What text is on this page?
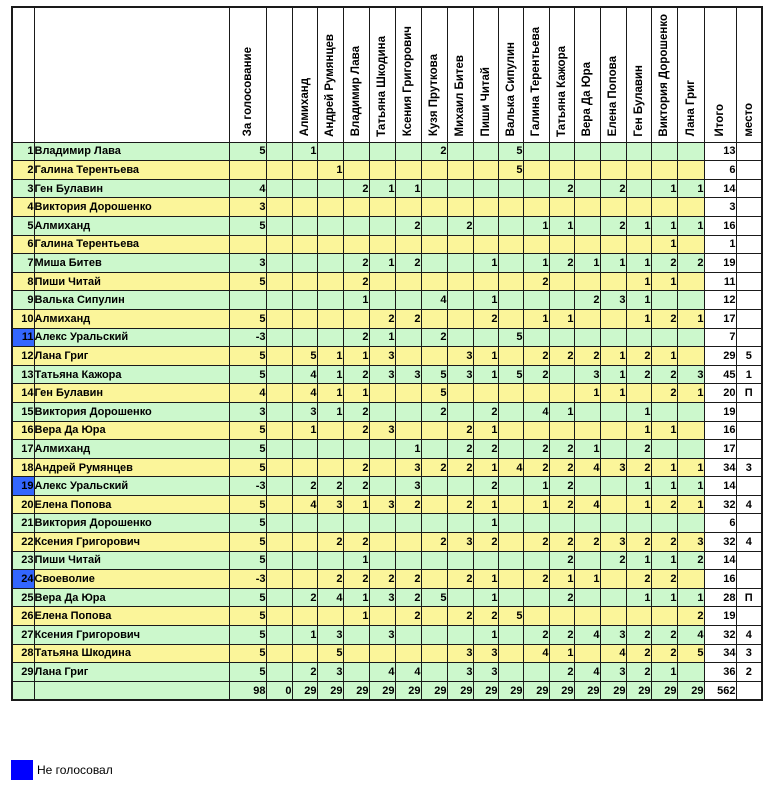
		За голосование		Алмиханд	Андрей Румянцев	Владимир Лава	Татьяна Шкодина	Ксения Григорович	Кузя Пруткова	Михаил Битев	Пиши Читай	Валька Сипулин	Галина Терентьева	Татьяна Кажора	Вера Да Юра	Елена Попова	Ген Булавин	Виктория Дорошенко	Лана Григ	Итого	место
1	Владимир Лава	5		1					2			5								13	
2	Галина Терентьева				1							5								6	
3	Ген Булавин	4				2	1	1						2		2		1	1	14	
4	Виктория Дорошенко	3																		3	
5	Алмиханд	5						2		2			1	1		2	1	1	1	16	
6	Галина Терентьева																	1		1	
7	Миша Битев	3				2	1	2			1		1	2	1	1	1	2	2	19	
8	Пиши Читай	5				2							2				1	1		11	
9	Валька Сипулин					1			4		1				2	3	1			12	
10	Алмиханд	5					2	2			2		1	1			1	2	1	17	
11	Алекс Уральский	-3				2	1		2			5								7	
12	Лана Григ	5		5	1	1	3			3	1		2	2	2	1	2	1		29	5
13	Татьяна Кажора	5		4	1	2	3	3	5	3	1	5	2		3	1	2	2	3	45	1
14	Ген Булавин	4		4	1	1			5						1	1		2	1	20	П
15	Виктория Дорошенко	3		3	1	2			2		2		4	1			1			19	
16	Вера Да Юра	5		1		2	3			2	1						1	1		16	
17	Алмиханд	5						1		2	2		2	2	1		2			17	
18	Андрей Румянцев	5				2		3	2	2	1	4	2	2	4	3	2	1	1	34	3
19	Алекс Уральский	-3		2	2	2		3			2		1	2			1	1	1	14	
20	Елена Попова	5		4	3	1	3	2		2	1		1	2	4		1	2	1	32	4
21	Виктория Дорошенко	5									1									6	
22	Ксения Григорович	5			2	2			2	3	2		2	2	2	3	2	2	3	32	4
23	Пиши Читай	5				1								2		2	1	1	2	14	
24	Своеволие	-3			2	2	2	2		2	1		2	1	1		2	2		16	
25	Вера Да Юра	5		2	4	1	3	2	5		1			2			1	1	1	28	П
26	Елена Попова	5				1		2		2	2	5							2	19	
27	Ксения Григорович	5		1	3		3				1		2	2	4	3	2	2	4	32	4
28	Татьяна Шкодина	5			5					3	3		4	1		4	2	2	5	34	3
29	Лана Григ	5		2	3		4	4		3	3			2	4	3	2	1		36	2
		98	0	29	29	29	29	29	29	29	29	29	29	29	29	29	29	29	29	562	
Не голосовал
